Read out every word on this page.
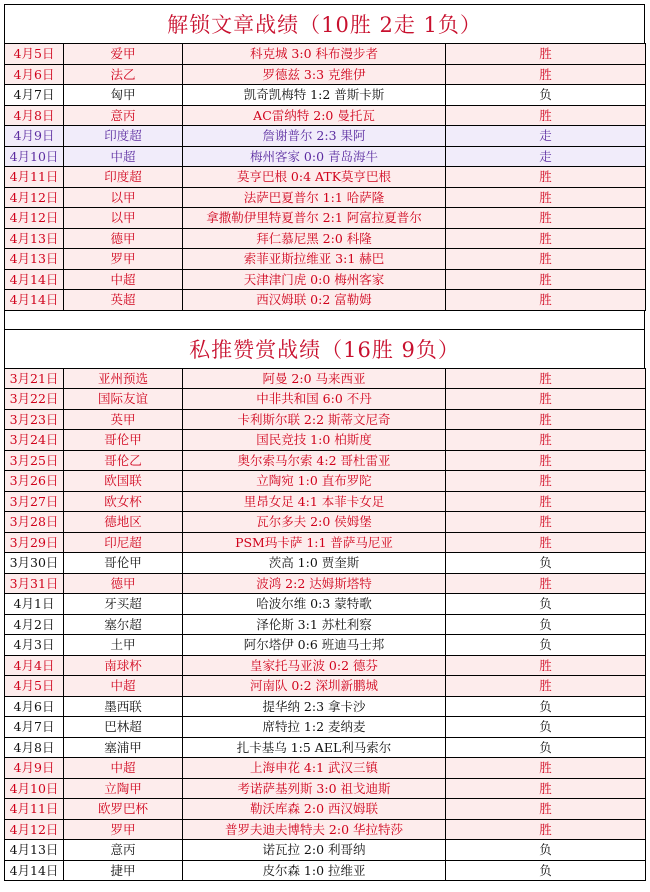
解锁文章战绩（10胜 2走 1负）
4月5日	爱甲	科克城 3:0 科布漫步者	胜
4月6日	法乙	罗德兹 3:3 克维伊	胜
4月7日	匈甲	凯奇凯梅特 1:2 普斯卡斯	负
4月8日	意丙	AC雷纳特 2:0 曼托瓦	胜
4月9日	印度超	詹谢普尔 2:3 果阿	走
4月10日	中超	梅州客家 0:0 青岛海牛	走
4月11日	印度超	莫亨巴根 0:4 ATK莫亨巴根	胜
4月12日	以甲	法萨巴夏普尔 1:1 哈萨隆	胜
4月12日	以甲	拿撒勒伊里特夏普尔 2:1 阿富拉夏普尔	胜
4月13日	德甲	拜仁慕尼黑 2:0 科隆	胜
4月13日	罗甲	索菲亚斯拉维亚 3:1 赫巴	胜
4月14日	中超	天津津门虎 0:0 梅州客家	胜
4月14日	英超	西汉姆联 0:2 富勒姆	胜
私推赞赏战绩（16胜 9负）
3月21日	亚州预选	阿曼 2:0 马来西亚	胜
3月22日	国际友谊	中非共和国 6:0 不丹	胜
3月23日	英甲	卡利斯尔联 2:2 斯蒂文尼奇	胜
3月24日	哥伦甲	国民竞技 1:0 柏斯度	胜
3月25日	哥伦乙	奥尔索马尔索 4:2 哥杜雷亚	胜
3月26日	欧国联	立陶宛 1:0 直布罗陀	胜
3月27日	欧女杯	里昂女足 4:1 本菲卡女足	胜
3月28日	德地区	瓦尔多夫 2:0 侯姆堡	胜
3月29日	印尼超	PSM玛卡萨 1:1 普萨马尼亚	胜
3月30日	哥伦甲	茨高 1:0 贾奎斯	负
3月31日	德甲	波鸿 2:2 达姆斯塔特	胜
4月1日	牙买超	哈波尔维 0:3 蒙特歌	负
4月2日	塞尔超	泽伦斯 3:1 苏杜利察	负
4月3日	土甲	阿尔塔伊 0:6 班迪马士邦	负
4月4日	南球杯	皇家托马亚波 0:2 德芬	胜
4月5日	中超	河南队 0:2 深圳新鹏城	胜
4月6日	墨西联	提华纳 2:3 拿卡沙	负
4月7日	巴林超	席特拉 1:2 麦纳麦	负
4月8日	塞浦甲	扎卡基乌 1:5 AEL利马索尔	负
4月9日	中超	上海申花 4:1 武汉三镇	胜
4月10日	立陶甲	考诺萨基列斯 3:0 祖戈迪斯	胜
4月11日	欧罗巴杯	勒沃库森 2:0 西汉姆联	胜
4月12日	罗甲	普罗夫迪夫博特夫 2:0 华拉特莎	胜
4月13日	意丙	诺瓦拉 2:0 利哥纳	负
4月14日	捷甲	皮尔森 1:0 拉维亚	负
